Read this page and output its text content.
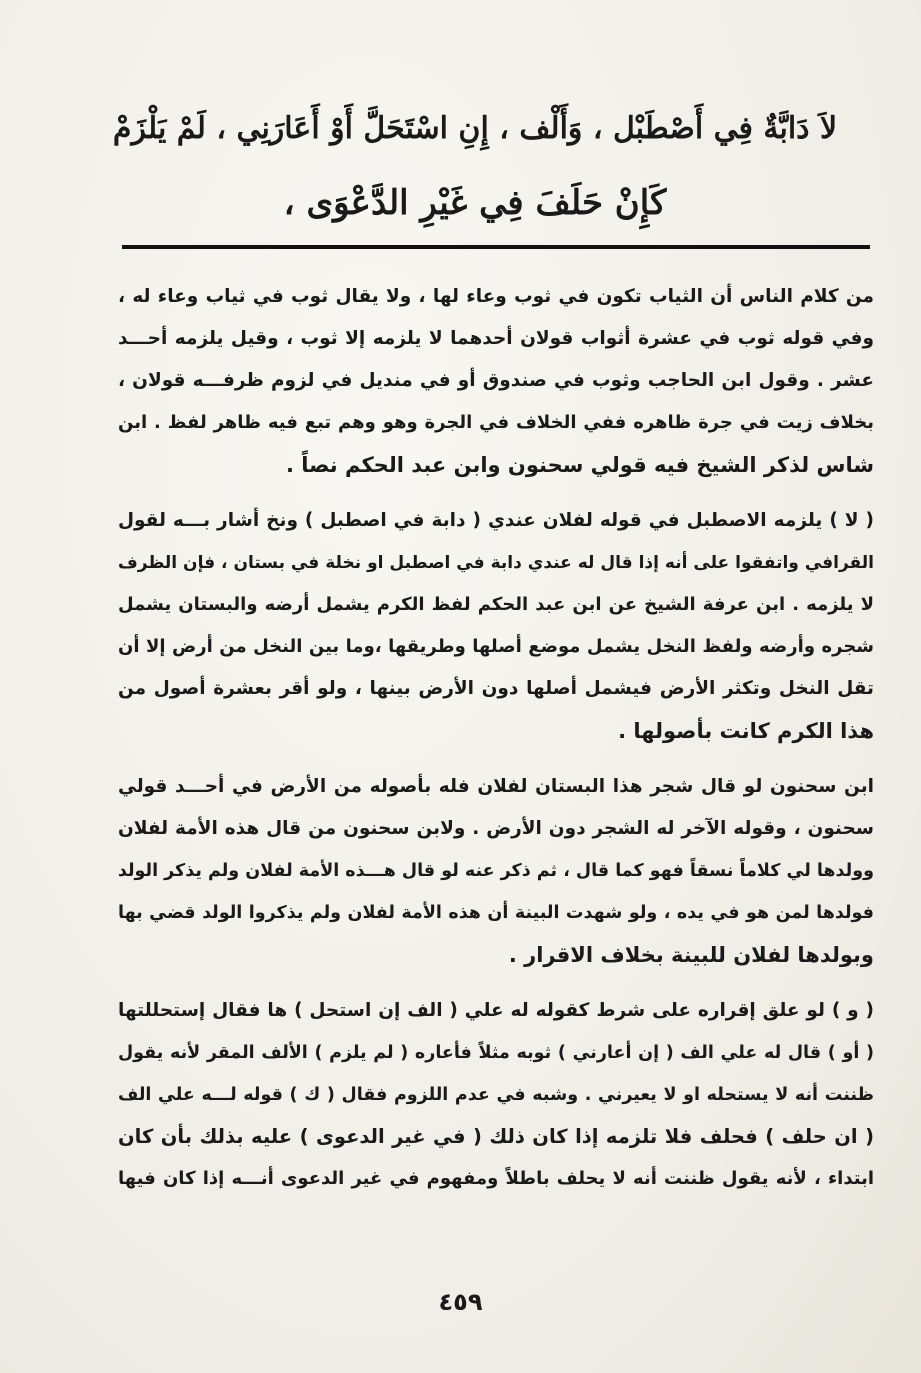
لاَ دَابَّةٌ فِي أَصْطَبْل ، وَأَلْف ، إِنِ اسْتَحَلَّ أَوْ أَعَارَنِي ، لَمْ يَلْزَمْ
كَإِنْ حَلَفَ فِي غَيْرِ الدَّعْوَى ،
من كلام الناس أن الثياب تكون في ثوب وعاء لها ، ولا يقال ثوب في ثياب وعاء له ،
وفي قوله ثوب في عشرة أثواب قولان أحدهما لا يلزمه إلا ثوب ، وقيل يلزمه أحـــد
عشر . وقول ابن الحاجب وثوب في صندوق أو في منديل في لزوم ظرفـــه قولان ،
بخلاف زيت في جرة ظاهره ففي الخلاف في الجرة وهو وهم تبع فيه ظاهر لفظ . ابن
شاس لذكر الشيخ فيه قولي سحنون وابن عبد الحكم نصاً .
( لا ) يلزمه الاصطبل في قوله لفلان عندي ( دابة في اصطبل ) ونخ أشار بـــه لقول
القرافي واتفقوا على أنه إذا قال له عندي دابة في اصطبل او نخلة في بستان ، فإن الظرف
لا يلزمه . ابن عرفة الشيخ عن ابن عبد الحكم لفظ الكرم يشمل أرضه والبستان يشمل
شجره وأرضه ولفظ النخل يشمل موضع أصلها وطريقها ،وما بين النخل من أرض إلا أن
تقل النخل وتكثر الأرض فيشمل أصلها دون الأرض بينها ، ولو أقر بعشرة أصول من
هذا الكرم كانت بأصولها .
ابن سحنون لو قال شجر هذا البستان لفلان فله بأصوله من الأرض في أحـــد قولي
سحنون ، وقوله الآخر له الشجر دون الأرض . ولابن سحنون من قال هذه الأمة لفلان
وولدها لي كلاماً نسقاً فهو كما قال ، ثم ذكر عنه لو قال هـــذه الأمة لفلان ولم يذكر الولد
فولدها لمن هو في يده ، ولو شهدت البينة أن هذه الأمة لفلان ولم يذكروا الولد قضي بها
وبولدها لفلان للبينة بخلاف الاقرار .
( و ) لو علق إقراره على شرط كقوله له علي ( الف إن استحل ) ها فقال إستحللتها
( أو ) قال له علي الف ( إن أعارني ) ثوبه مثلاً فأعاره ( لم يلزم ) الألف المقر لأنه يقول
ظننت أنه لا يستحله او لا يعيرني . وشبه في عدم اللزوم فقال ( ك ) قوله لـــه علي الف
( ان حلف ) فحلف فلا تلزمه إذا كان ذلك ( في غير الدعوى ) عليه بذلك بأن كان
ابتداء ، لأنه يقول ظننت أنه لا يحلف باطلاً ومفهوم في غير الدعوى أنـــه إذا كان فيها
٤٥٩
